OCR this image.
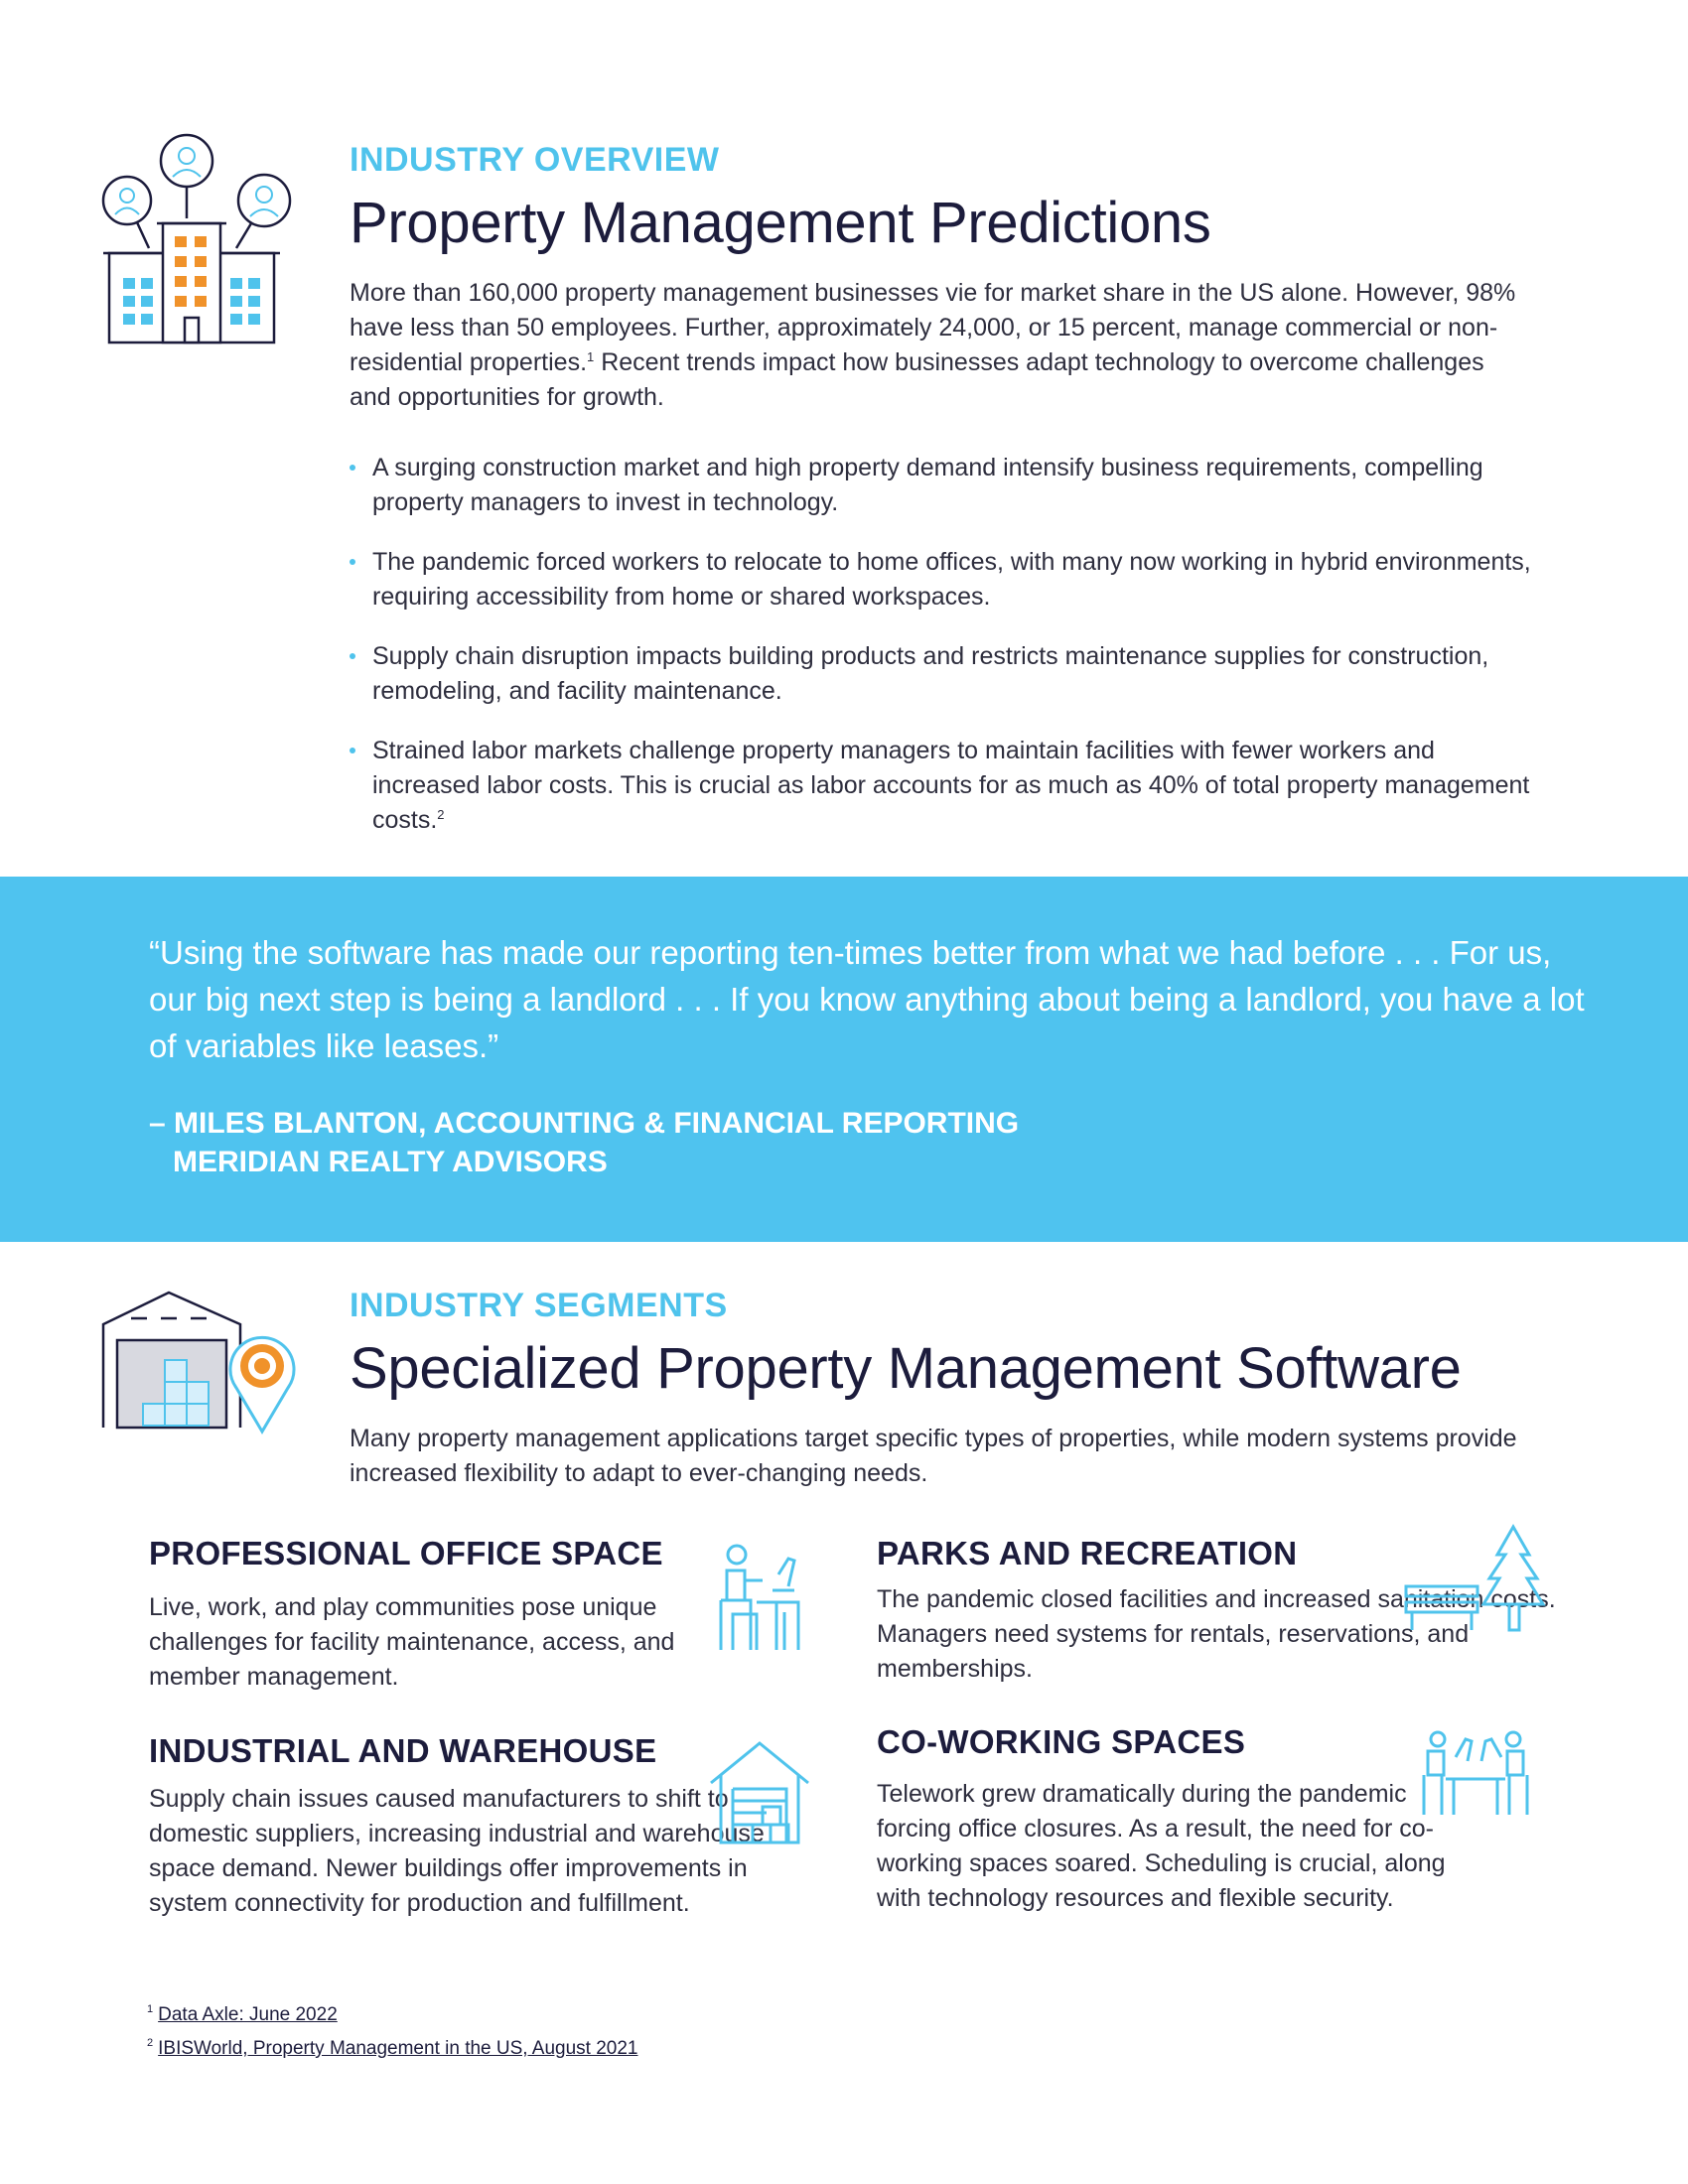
INDUSTRY OVERVIEW

Property Management Predictions

More than 160,000 property management businesses vie for market share in the US alone. However, 98% have less than 50 employees. Further, approximately 24,000, or 15 percent, manage commercial or non-residential properties.$^1$ Recent trends impact how businesses adapt technology to overcome challenges and opportunities for growth.

A surging construction market and high property demand intensify business requirements, compelling property managers to invest in technology.
The pandemic forced workers to relocate to home offices, with many now working in hybrid environments, requiring accessibility from home or shared workspaces.
Supply chain disruption impacts building products and restricts maintenance supplies for construction, remodeling, and facility maintenance.
Strained labor markets challenge property managers to maintain facilities with fewer workers and increased labor costs. This is crucial as labor accounts for as much as 40% of total property management costs.$^2$

“Using the software has made our reporting ten-times better from what we had before . . . For us, our big next step is being a landlord . . . If you know anything about being a landlord, you have a lot of variables like leases.”

– MILES BLANTON, ACCOUNTING & FINANCIAL REPORTING
MERIDIAN REALTY ADVISORS

INDUSTRY SEGMENTS

Specialized Property Management Software

Many property management applications target specific types of properties, while modern systems provide increased flexibility to adapt to ever-changing needs.

PROFESSIONAL OFFICE SPACE

Live, work, and play communities pose unique challenges for facility maintenance, access, and member management.

INDUSTRIAL AND WAREHOUSE

Supply chain issues caused manufacturers to shift to domestic suppliers, increasing industrial and warehouse space demand. Newer buildings offer improvements in system connectivity for production and fulfillment.

PARKS AND RECREATION

The pandemic closed facilities and increased sanitation costs. Managers need systems for rentals, reservations, and memberships.

CO-WORKING SPACES

Telework grew dramatically during the pandemic forcing office closures. As a result, the need for co-working spaces soared. Scheduling is crucial, along with technology resources and flexible security.

$^1$ Data Axle: June 2022
$^2$ IBISWorld, Property Management in the US, August 2021
